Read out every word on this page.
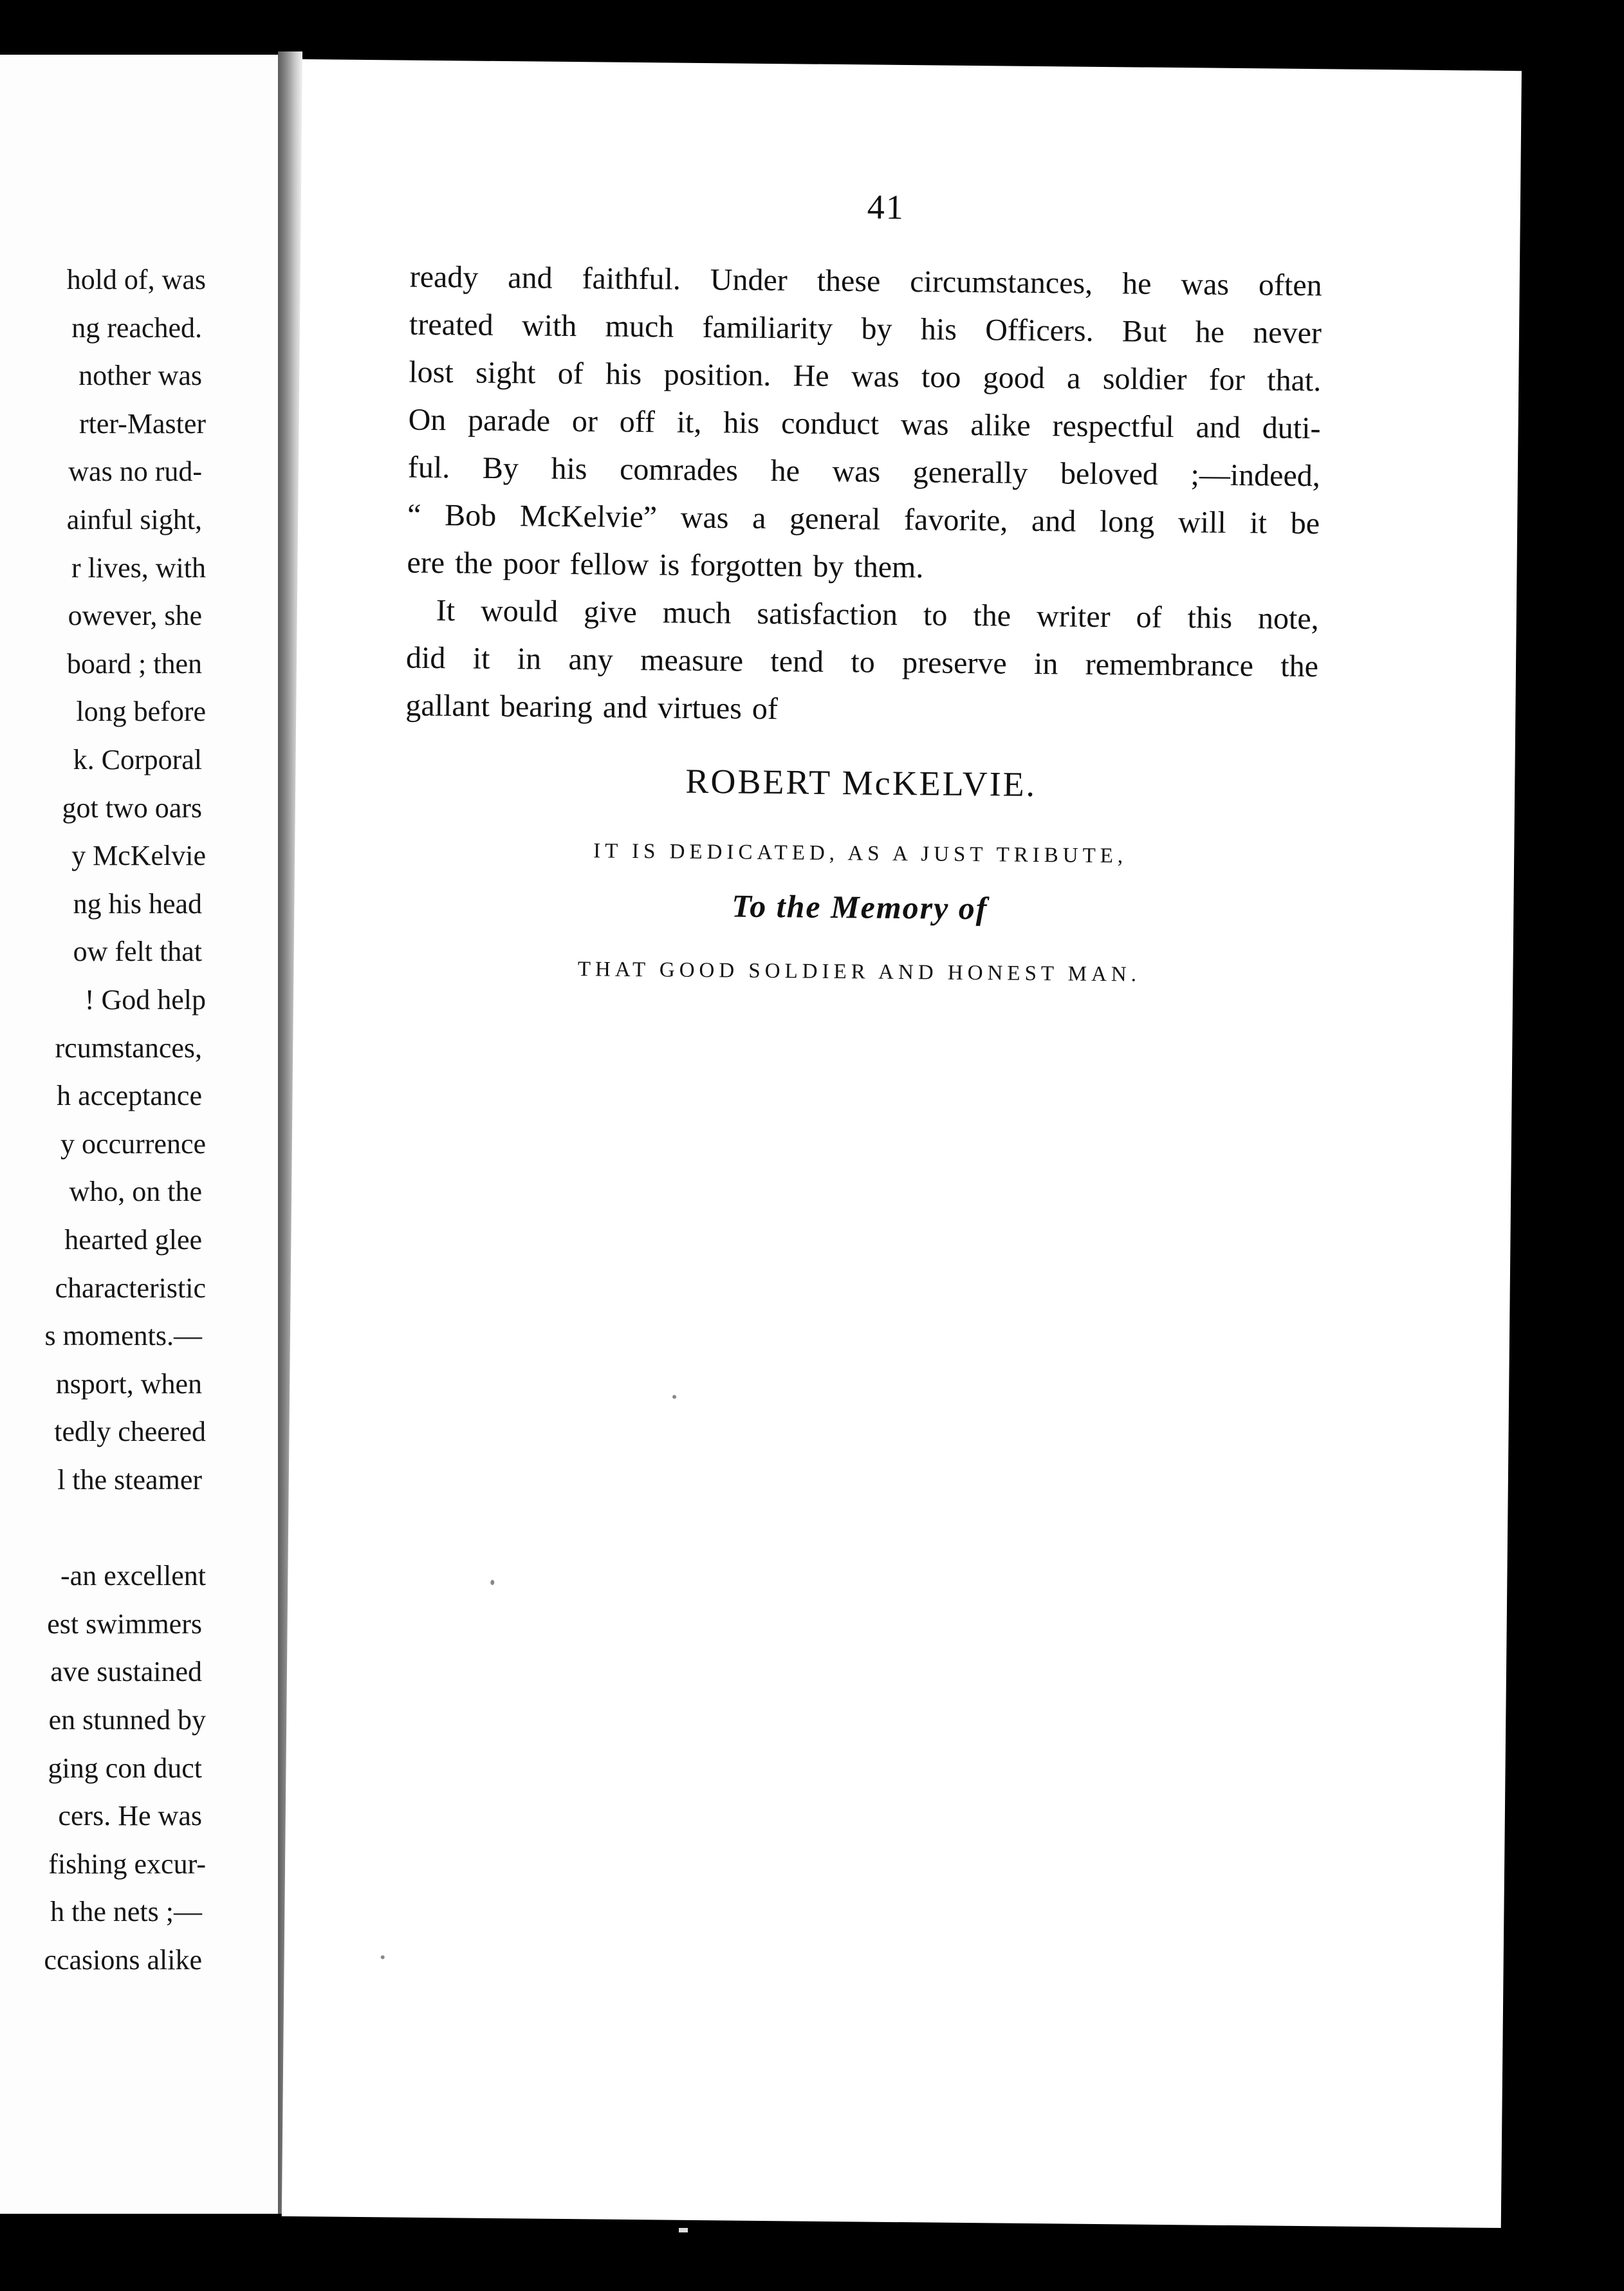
hold of, was
ng reached.
nother was
rter-Master
was no rud-
ainful sight,
r lives, with
owever, she
board ; then
long before
k. Corporal
got two oars
y McKelvie
ng his head
ow felt that
! God help
rcumstances,
h acceptance
y occurrence
who, on the
hearted glee
characteristic
s moments.—
nsport, when
tedly cheered
l the steamer
-an excellent
est swimmers
ave sustained
en stunned by
ging con duct
cers. He was
fishing excur-
h the nets ;—
ccasions alike
41
ready and faithful. Under these circumstances, he was often
treated with much familiarity by his Officers. But he never
lost sight of his position. He was too good a soldier for that.
On parade or off it, his conduct was alike respectful and duti-
ful. By his comrades he was generally beloved ;—indeed,
“ Bob McKelvie” was a general favorite, and long will it be
ere the poor fellow is forgotten by them.
It would give much satisfaction to the writer of this note,
did it in any measure tend to preserve in remembrance the
gallant bearing and virtues of
ROBERT McKELVIE.
IT IS DEDICATED, AS A JUST TRIBUTE,
To the Memory of
THAT GOOD SOLDIER AND HONEST MAN.
